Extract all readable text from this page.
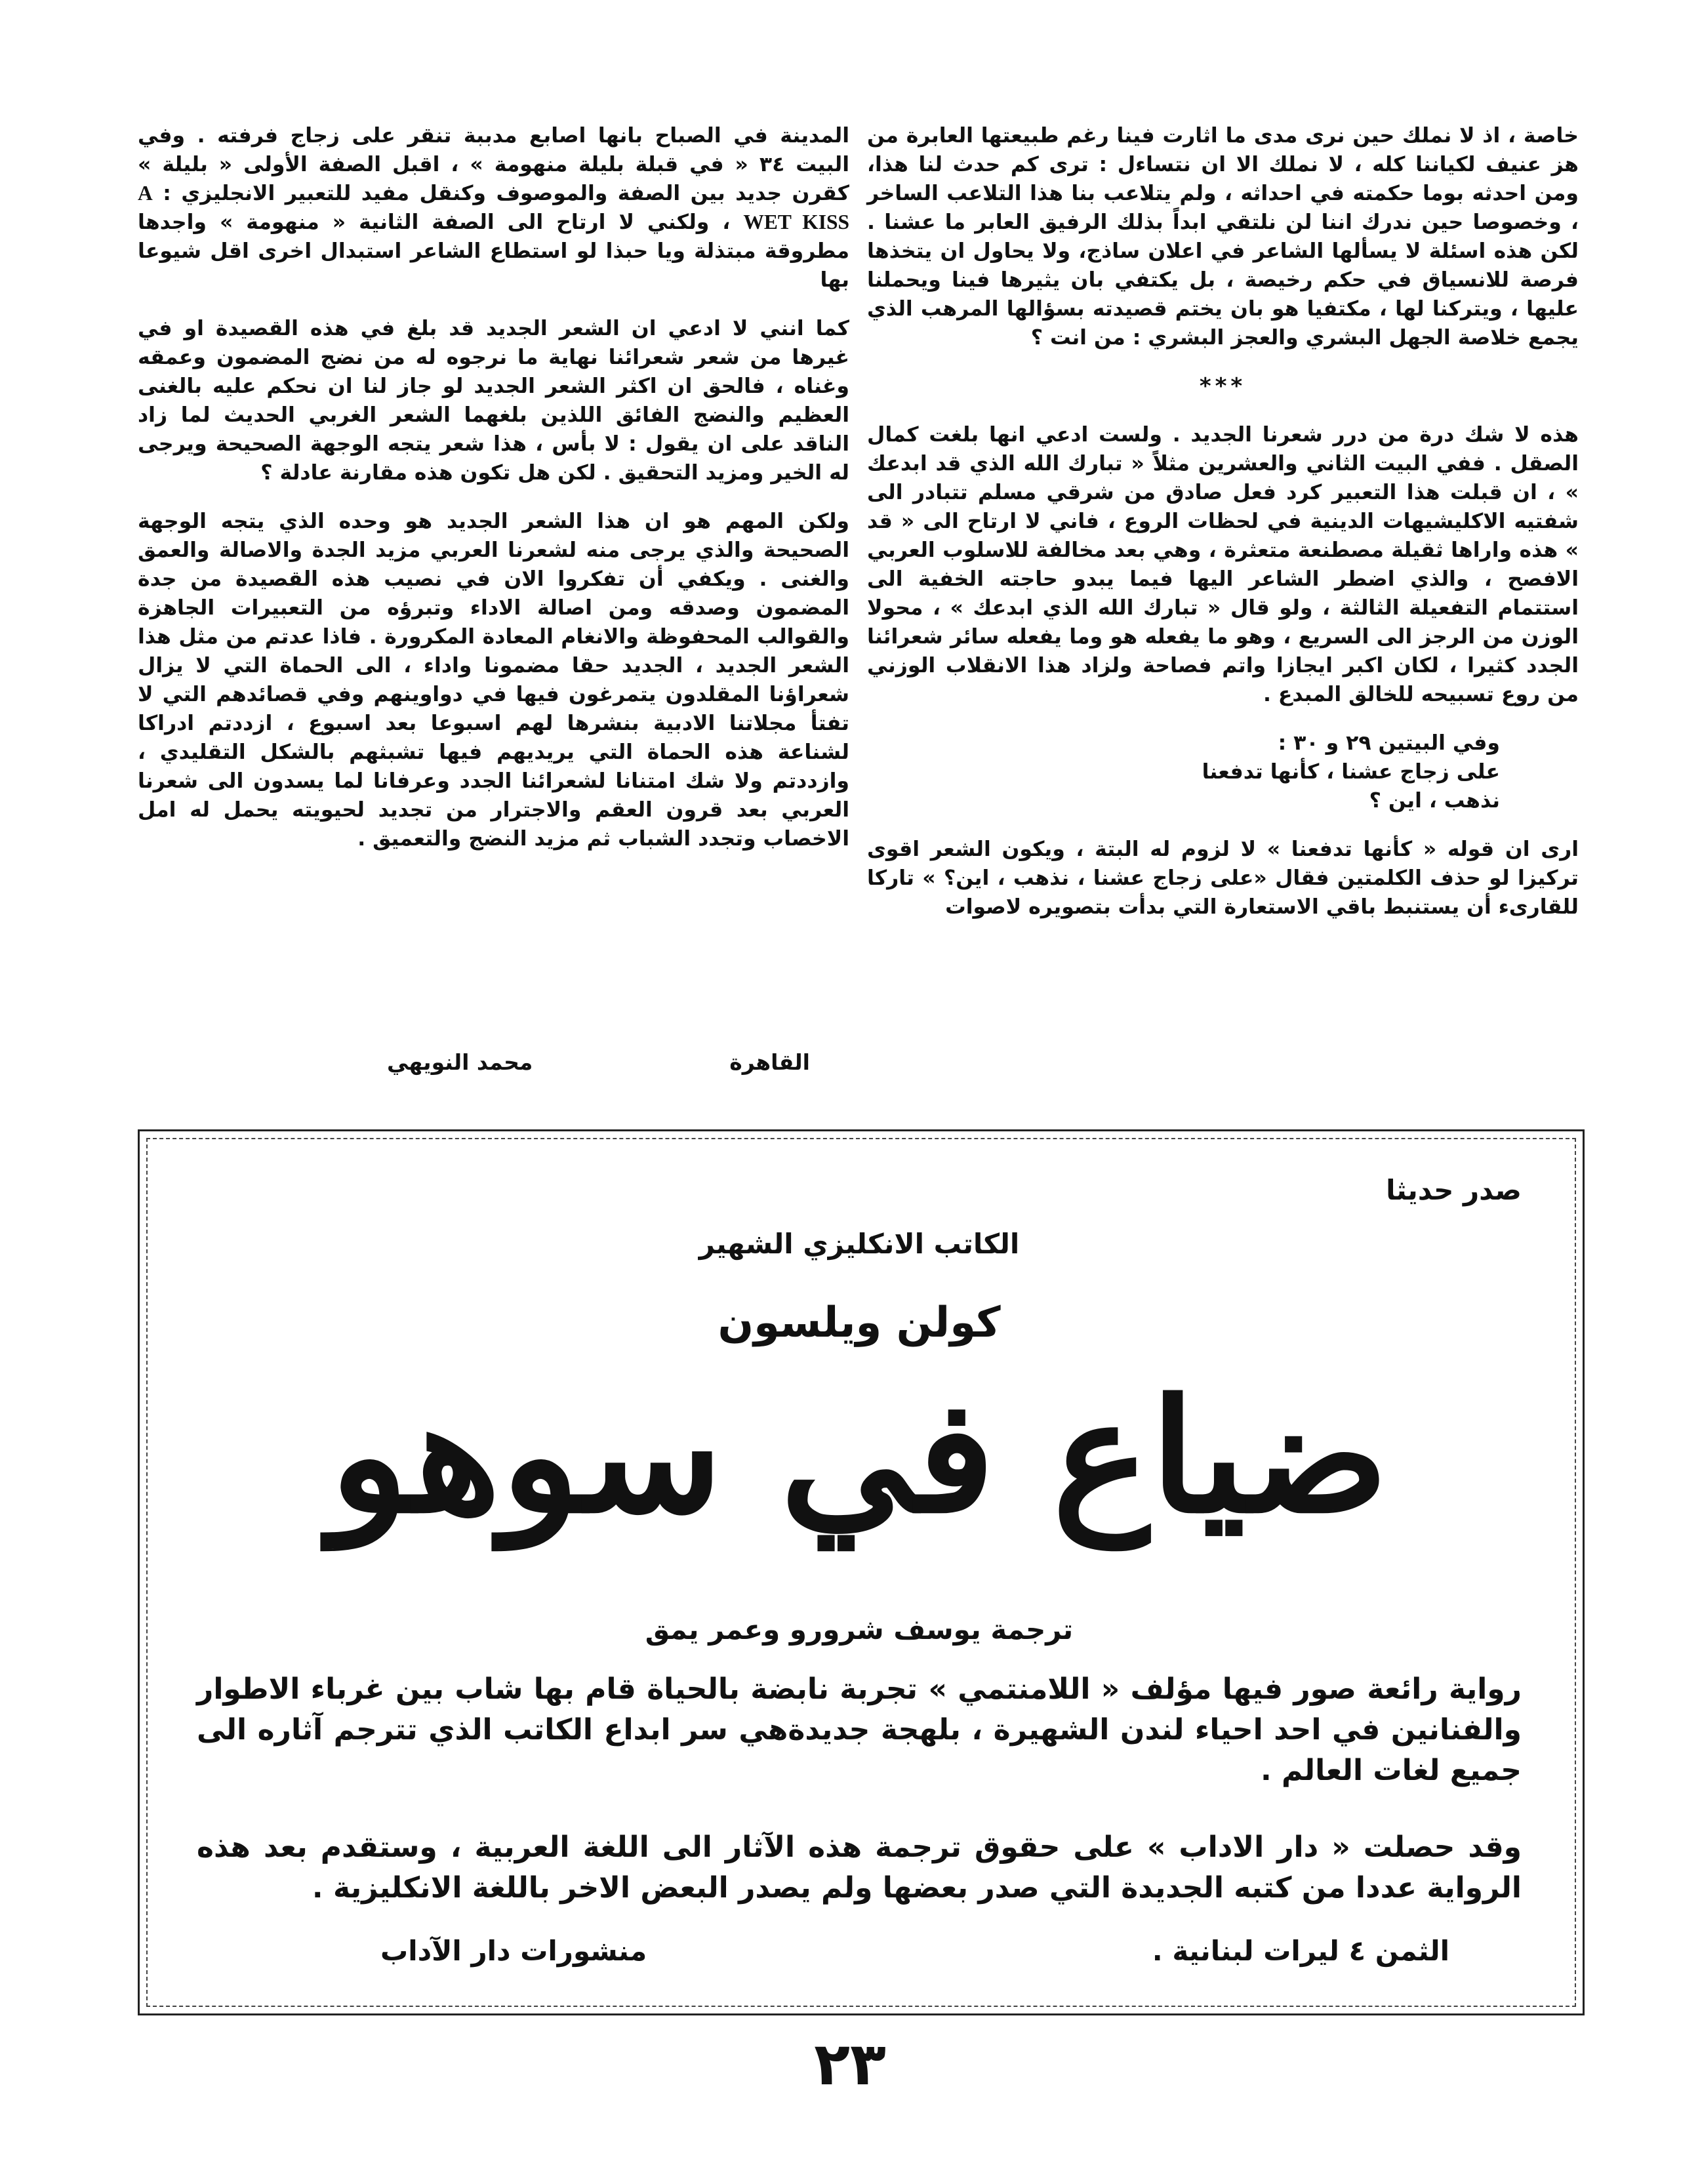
خاصة ، اذ لا نملك حين نرى مدى ما اثارت فينا رغم طبيعتها العابرة من هز عنيف لكياننا كله ، لا نملك الا ان نتساءل : ترى كم حدث لنا هذا، ومن احدثه بوما حكمته في احداثه ، ولم يتلاعب بنا هذا التلاعب الساخر ، وخصوصا حين ندرك اننا لن نلتقي ابداً بذلك الرفيق العابر ما عشنا . لكن هذه اسئلة لا يسألها الشاعر في اعلان ساذج، ولا يحاول ان يتخذها فرصة للانسياق في حكم رخيصة ، بل يكتفي بان يثيرها فينا ويحملنا عليها ، ويتركنا لها ، مكتفيا هو بان يختم قصيدته بسؤالها المرهب الذي يجمع خلاصة الجهل البشري والعجز البشري : من انت ؟

***

هذه لا شك درة من درر شعرنا الجديد . ولست ادعي انها بلغت كمال الصقل . ففي البيت الثاني والعشرين مثلاً « تبارك الله الذي قد ابدعك » ، ان قبلت هذا التعبير كرد فعل صادق من شرقي مسلم تتبادر الى شفتيه الاكليشيهات الدينية في لحظات الروع ، فاني لا ارتاح الى « قد » هذه واراها ثقيلة مصطنعة متعثرة ، وهي بعد مخالفة للاسلوب العربي الافصح ، والذي اضطر الشاعر اليها فيما يبدو حاجته الخفية الى استتمام التفعيلة الثالثة ، ولو قال « تبارك الله الذي ابدعك » ، محولا الوزن من الرجز الى السريع ، وهو ما يفعله هو وما يفعله سائر شعرائنا الجدد كثيرا ، لكان اكبر ايجازا واتم فصاحة ولزاد هذا الانقلاب الوزني من روع تسبيحه للخالق المبدع .

وفي البيتين ٢٩ و ٣٠ :
على زجاج عشنا ، كأنها تدفعنا
نذهب ، اين ؟

ارى ان قوله « كأنها تدفعنا » لا لزوم له البتة ، ويكون الشعر اقوى تركيزا لو حذف الكلمتين فقال «على زجاج عشنا ، نذهب ، اين؟ » تاركا للقارىء أن يستنبط باقي الاستعارة التي بدأت بتصويره لاصوات

المدينة في الصباح بانها اصابع مدببة تنقر على زجاج فرفته . وفي البيت ٣٤ « في قبلة بليلة منهومة » ، اقبل الصفة الأولى « بليلة » كقرن جديد بين الصفة والموصوف وكنقل مفيد للتعبير الانجليزي : A WET KISS ، ولكني لا ارتاح الى الصفة الثانية « منهومة » واجدها مطروقة مبتذلة ويا حبذا لو استطاع الشاعر استبدال اخرى اقل شيوعا بها

كما انني لا ادعي ان الشعر الجديد قد بلغ في هذه القصيدة او في غيرها من شعر شعرائنا نهاية ما نرجوه له من نضج المضمون وعمقه وغناه ، فالحق ان اكثر الشعر الجديد لو جاز لنا ان نحكم عليه بالغنى العظيم والنضج الفائق اللذين بلغهما الشعر الغربي الحديث لما زاد الناقد على ان يقول : لا بأس ، هذا شعر يتجه الوجهة الصحيحة ويرجى له الخير ومزيد التحقيق . لكن هل تكون هذه مقارنة عادلة ؟

ولكن المهم هو ان هذا الشعر الجديد هو وحده الذي يتجه الوجهة الصحيحة والذي يرجى منه لشعرنا العربي مزيد الجدة والاصالة والعمق والغنى . ويكفي أن تفكروا الان في نصيب هذه القصيدة من جدة المضمون وصدقه ومن اصالة الاداء وتبرؤه من التعبيرات الجاهزة والقوالب المحفوظة والانغام المعادة المكرورة . فاذا عدتم من مثل هذا الشعر الجديد ، الجديد حقا مضمونا واداء ، الى الحماة التي لا يزال شعراؤنا المقلدون يتمرغون فيها في دواوينهم وفي قصائدهم التي لا تفتأ مجلاتنا الادبية بنشرها لهم اسبوعا بعد اسبوع ، ازددتم ادراكا لشناعة هذه الحماة التي يريديهم فيها تشبثهم بالشكل التقليدي ، وازددتم ولا شك امتنانا لشعرائنا الجدد وعرفانا لما يسدون الى شعرنا العربي بعد قرون العقم والاجترار من تجديد لحيويته يحمل له امل الاخصاب وتجدد الشباب ثم مزيد النضج والتعميق .

القاهرة
محمد النويهي
صدر حديثا
الكاتب الانكليزي الشهير
كولن ويلسون
ضياع في سوهو
ترجمة يوسف شرورو وعمر يمق

رواية رائعة صور فيها مؤلف « اللامنتمي » تجربة نابضة بالحياة قام بها شاب بين غرباء الاطوار والفنانين في احد احياء لندن الشهيرة ، بلهجة جديدةهي سر ابداع الكاتب الذي تترجم آثاره الى جميع لغات العالم .

وقد حصلت « دار الاداب » على حقوق ترجمة هذه الآثار الى اللغة العربية ، وستقدم بعد هذه الرواية عددا من كتبه الجديدة التي صدر بعضها ولم يصدر البعض الاخر باللغة الانكليزية .

الثمن ٤ ليرات لبنانية .
منشورات دار الآداب
٢٣
